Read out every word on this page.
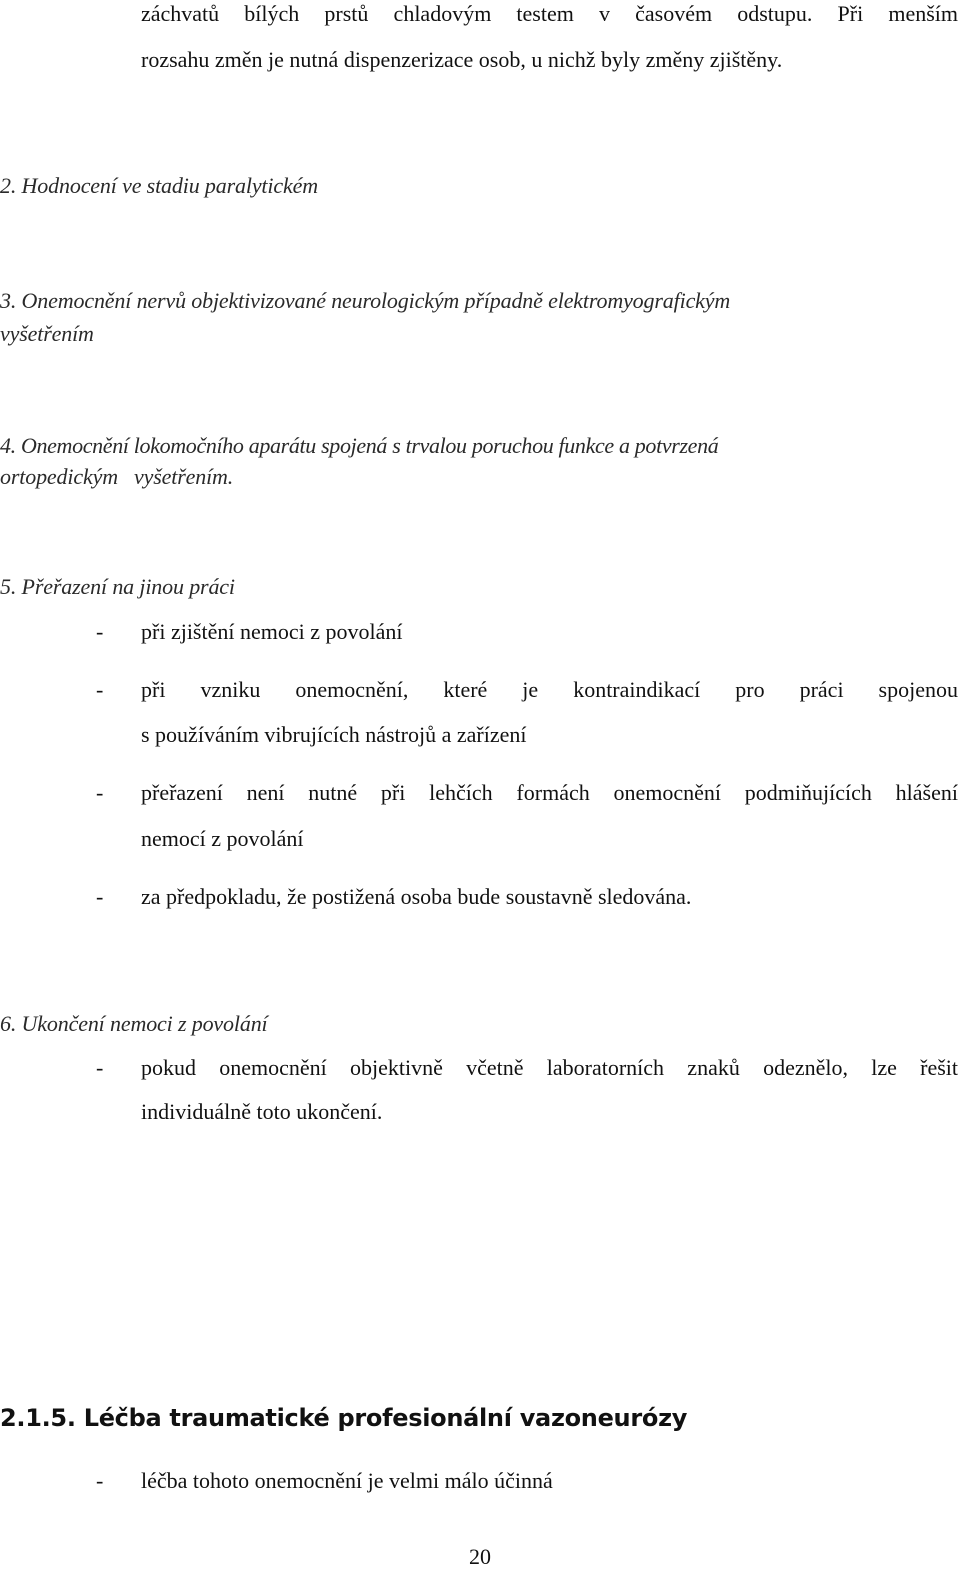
záchvatů bílých prstů chladovým testem v časovém odstupu. Při menším
rozsahu změn je nutná dispenzerizace osob, u nichž byly změny zjištěny.
2. Hodnocení ve stadiu paralytickém
3. Onemocnění nervů objektivizované neurologickým případně elektromyografickým
vyšetřením
4. Onemocnění lokomočního aparátu spojená s trvalou poruchou funkce a potvrzená
ortopedickým   vyšetřením.
5. Přeřazení na jinou práci
- při zjištění nemoci z povolání
- při vzniku onemocnění, které je kontraindikací pro práci spojenou
s používáním vibrujících nástrojů a zařízení
- přeřazení není nutné při lehčích formách onemocnění podmiňujících hlášení
nemocí z povolání
- za předpokladu, že postižená osoba bude soustavně sledována.
6. Ukončení nemoci z povolání
- pokud onemocnění objektivně včetně laboratorních znaků odeznělo, lze řešit
individuálně toto ukončení.
2.1.5. Léčba traumatické profesionální vazoneurózy
- léčba tohoto onemocnění je velmi málo účinná
20
